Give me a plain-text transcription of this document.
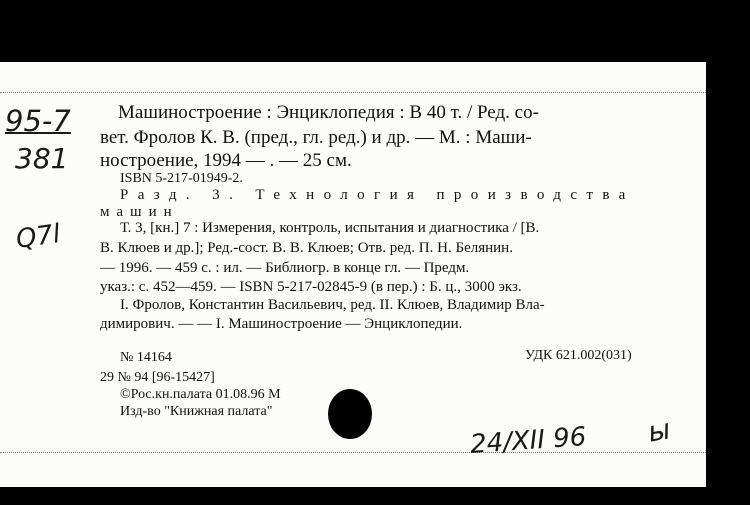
95-7
381
Q7l
Машиностроение : Энциклопедия : В 40 т. / Ред. со-
вет. Фролов К. В. (пред., гл. ред.) и др. — М. : Маши-
ностроение, 1994 — . — 25 см.
ISBN 5-217-01949-2.
Разд. 3. Технология производства
машин
Т. 3, [кн.] 7 : Измерения, контроль, испытания и диагностика / [В.
В. Клюев и др.]; Ред.-сост. В. В. Клюев; Отв. ред. П. Н. Белянин.
— 1996. — 459 с. : ил. — Библиогр. в конце гл. — Предм.
указ.: с. 452—459. — ISBN 5-217-02845-9 (в пер.) : Б. ц., 3000 экз.
I. Фролов, Константин Васильевич, ред. II. Клюев, Владимир Вла-
димирович. — — I. Машиностроение — Энциклопедии.
№ 14164	УДК 621.002(031)
29 № 94 [96-15427]
©Рос.кн.палата 01.08.96 М
Изд-во "Книжная палата"
24/XII 96 ы
